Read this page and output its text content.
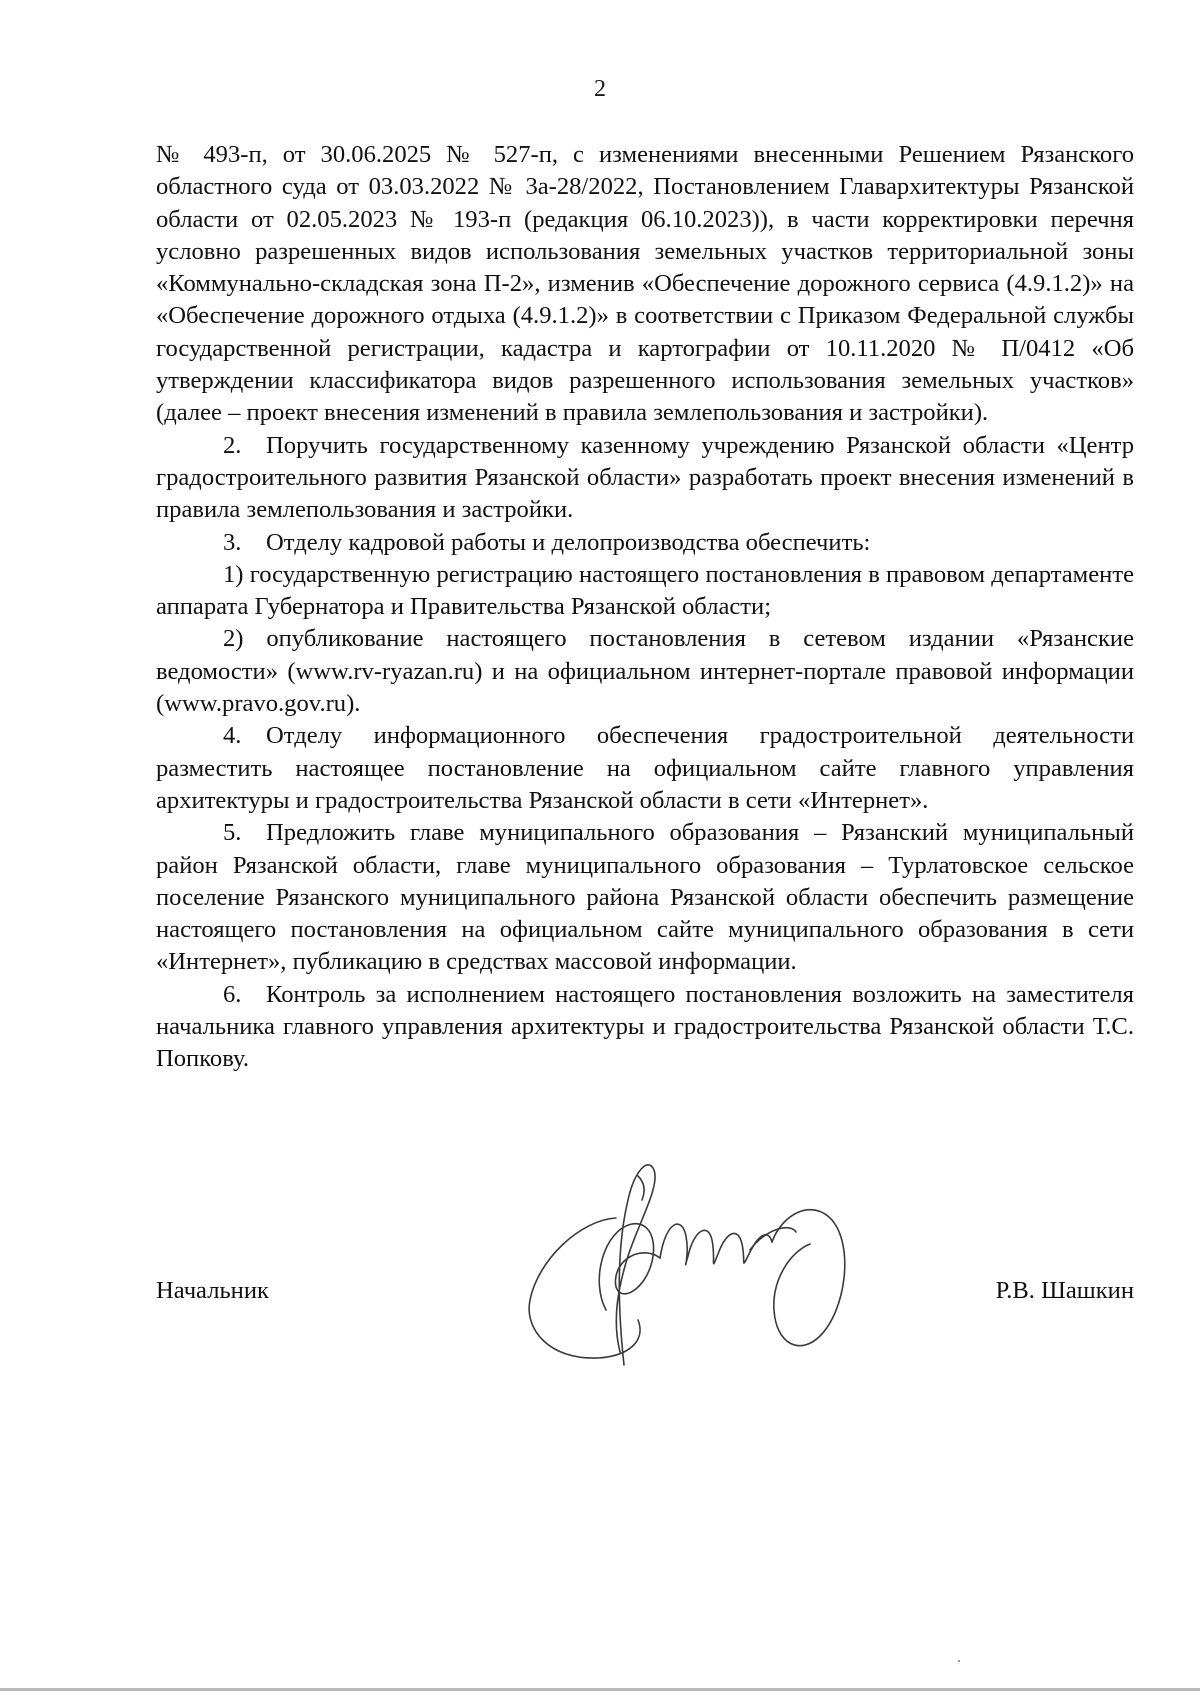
2

№ 493-п, от 30.06.2025 № 527-п, с изменениями внесенными Решением Рязанского областного суда от 03.03.2022 № 3а-28/2022, Постановлением Главархитектуры Рязанской области от 02.05.2023 № 193-п (редакция 06.10.2023)), в части корректировки перечня условно разрешенных видов использования земельных участков территориальной зоны «Коммунально-складская зона П-2», изменив «Обеспечение дорожного сервиса (4.9.1.2)» на «Обеспечение дорожного отдыха (4.9.1.2)» в соответствии с Приказом Федеральной службы государственной регистрации, кадастра и картографии от 10.11.2020 № П/0412 «Об утверждении классификатора видов разрешенного использования земельных участков» (далее – проект внесения изменений в правила землепользования и застройки).

2. Поручить государственному казенному учреждению Рязанской области «Центр градостроительного развития Рязанской области» разработать проект внесения изменений в правила землепользования и застройки.

3. Отделу кадровой работы и делопроизводства обеспечить:

1) государственную регистрацию настоящего постановления в правовом департаменте аппарата Губернатора и Правительства Рязанской области;

2) опубликование настоящего постановления в сетевом издании «Рязанские ведомости» (www.rv-ryazan.ru) и на официальном интернет-портале правовой информации (www.pravo.gov.ru).

4. Отделу информационного обеспечения градостроительной деятельности разместить настоящее постановление на официальном сайте главного управления архитектуры и градостроительства Рязанской области в сети «Интернет».

5. Предложить главе муниципального образования – Рязанский муниципальный район Рязанской области, главе муниципального образования – Турлатовское сельское поселение Рязанского муниципального района Рязанской области обеспечить размещение настоящего постановления на официальном сайте муниципального образования в сети «Интернет», публикацию в средствах массовой информации.

6. Контроль за исполнением настоящего постановления возложить на заместителя начальника главного управления архитектуры и градостроительства Рязанской области Т.С. Попкову.

Начальник	Р.В. Шашкин
